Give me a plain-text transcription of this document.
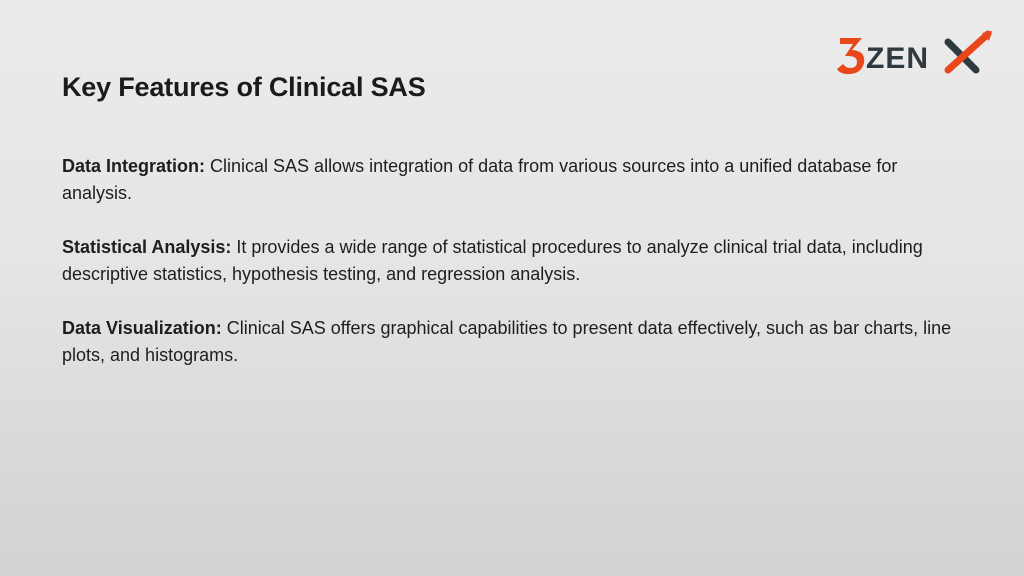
ZEN
Key Features of Clinical SAS
Data Integration: Clinical SAS allows integration of data from various sources into a unified database for analysis.
Statistical Analysis: It provides a wide range of statistical procedures to analyze clinical trial data, including descriptive statistics, hypothesis testing, and regression analysis.
Data Visualization: Clinical SAS offers graphical capabilities to present data effectively, such as bar charts, line plots, and histograms.
